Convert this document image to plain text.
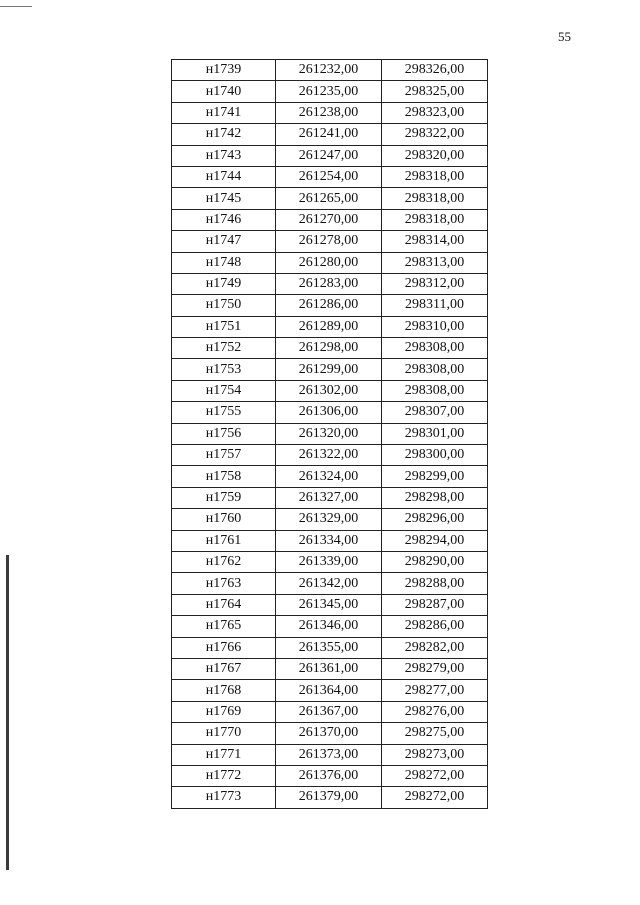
55
н1739	261232,00	298326,00
н1740	261235,00	298325,00
н1741	261238,00	298323,00
н1742	261241,00	298322,00
н1743	261247,00	298320,00
н1744	261254,00	298318,00
н1745	261265,00	298318,00
н1746	261270,00	298318,00
н1747	261278,00	298314,00
н1748	261280,00	298313,00
н1749	261283,00	298312,00
н1750	261286,00	298311,00
н1751	261289,00	298310,00
н1752	261298,00	298308,00
н1753	261299,00	298308,00
н1754	261302,00	298308,00
н1755	261306,00	298307,00
н1756	261320,00	298301,00
н1757	261322,00	298300,00
н1758	261324,00	298299,00
н1759	261327,00	298298,00
н1760	261329,00	298296,00
н1761	261334,00	298294,00
н1762	261339,00	298290,00
н1763	261342,00	298288,00
н1764	261345,00	298287,00
н1765	261346,00	298286,00
н1766	261355,00	298282,00
н1767	261361,00	298279,00
н1768	261364,00	298277,00
н1769	261367,00	298276,00
н1770	261370,00	298275,00
н1771	261373,00	298273,00
н1772	261376,00	298272,00
н1773	261379,00	298272,00
